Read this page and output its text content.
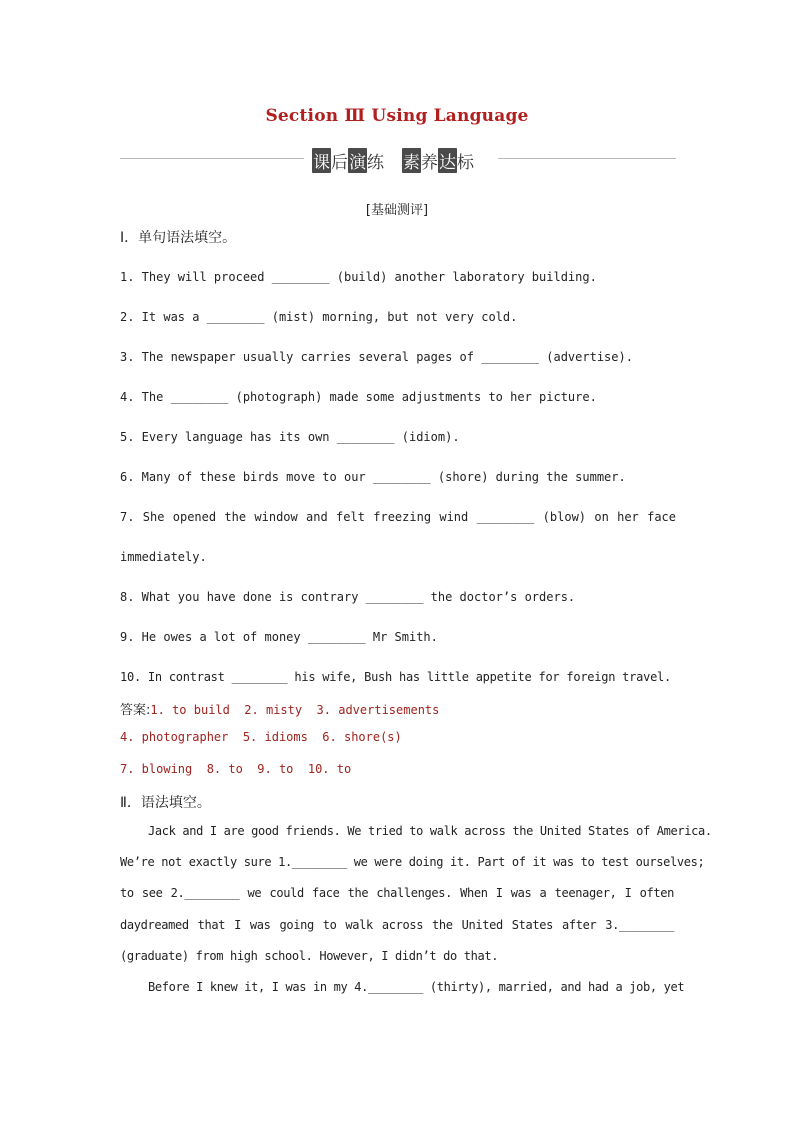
Section Ⅲ Using Language
课后演练 素养达标
[基础测评]
Ⅰ．单句语法填空。
1. They will proceed ________ (build) another laboratory building.
2. It was a ________ (mist) morning, but not very cold.
3. The newspaper usually carries several pages of ________ (advertise).
4. The ________ (photograph) made some adjustments to her picture.
5. Every language has its own ________ (idiom).
6. Many of these birds move to our ________ (shore) during the summer.
7. She opened the window and felt freezing wind ________ (blow) on her face
immediately.
8. What you have done is contrary ________ the doctor’s orders.
9. He owes a lot of money ________ Mr Smith.
10. In contrast ________ his wife, Bush has little appetite for foreign travel.
答案:1. to build  2. misty  3. advertisements
4. photographer  5. idioms  6. shore(s)
7. blowing  8. to  9. to  10. to
Ⅱ．语法填空。
Jack and I are good friends. We tried to walk across the United States of America.
We’re not exactly sure 1.________ we were doing it. Part of it was to test ourselves;
to see 2.________ we could face the challenges. When I was a teenager, I often
daydreamed that I was going to walk across the United States after 3.________
(graduate) from high school. However, I didn’t do that.
Before I knew it, I was in my 4.________ (thirty), married, and had a job, yet
